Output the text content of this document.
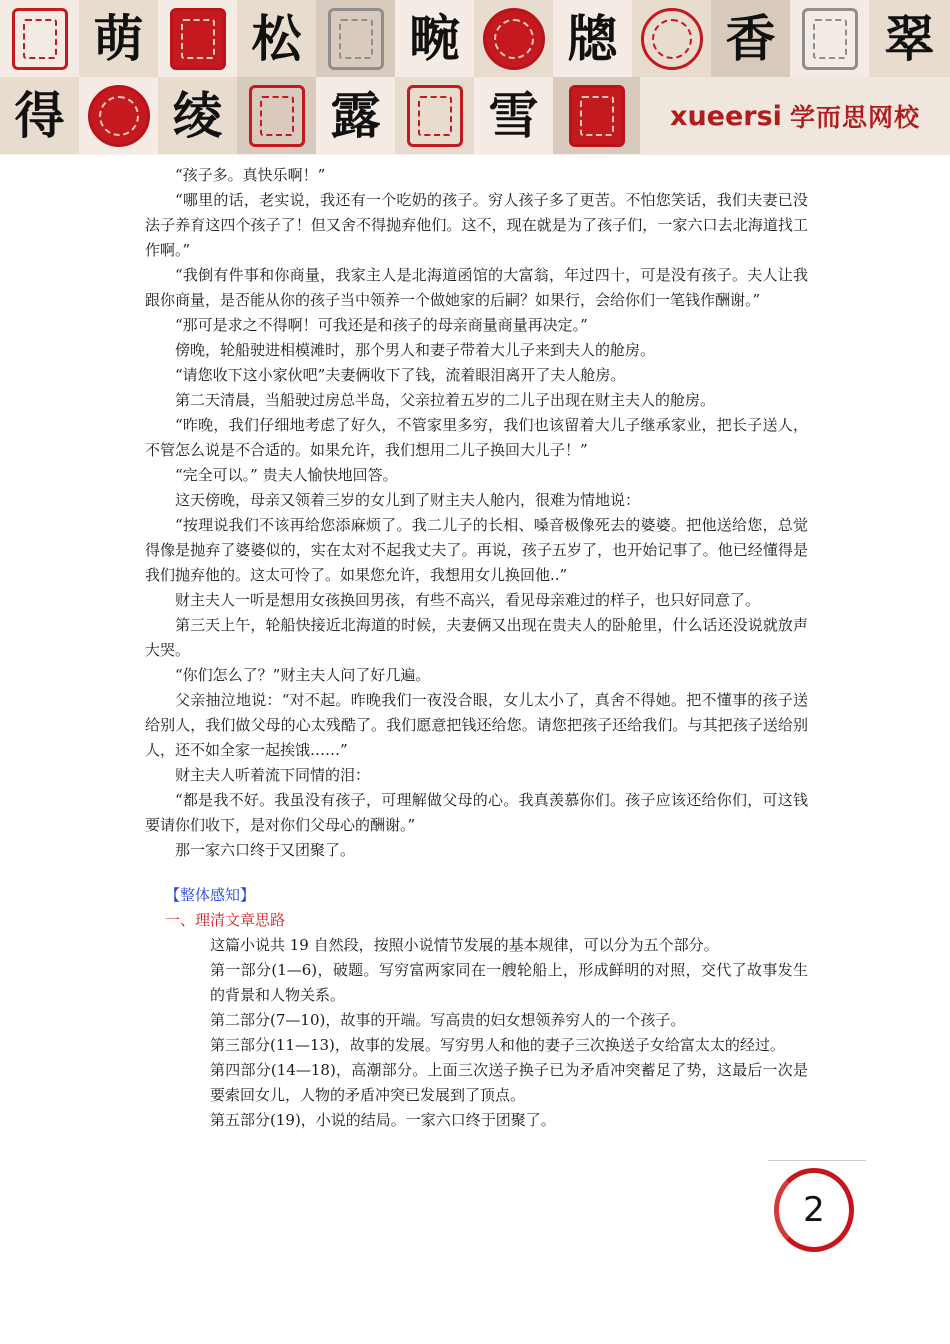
萌 松 畹 牕 香 翠
得 绫 露 雪	xueersi 学而思网校

“孩子多。真快乐啊！”

“哪里的话，老实说，我还有一个吃奶的孩子。穷人孩子多了更苦。不怕您笑话，我们夫妻已没法子养育这四个孩子了！但又舍不得抛弃他们。这不，现在就是为了孩子们，一家六口去北海道找工作啊。”

“我倒有件事和你商量，我家主人是北海道函馆的大富翁，年过四十，可是没有孩子。夫人让我跟你商量，是否能从你的孩子当中领养一个做她家的后嗣？如果行，会给你们一笔钱作酬谢。”

“那可是求之不得啊！可我还是和孩子的母亲商量商量再决定。”

傍晚，轮船驶进相模滩时，那个男人和妻子带着大儿子来到夫人的舱房。

“请您收下这小家伙吧”夫妻俩收下了钱，流着眼泪离开了夫人舱房。

第二天清晨，当船驶过房总半岛，父亲拉着五岁的二儿子出现在财主夫人的舱房。

“昨晚，我们仔细地考虑了好久，不管家里多穷，我们也该留着大儿子继承家业，把长子送人，不管怎么说是不合适的。如果允许，我们想用二儿子换回大儿子！”

“完全可以。” 贵夫人愉快地回答。

这天傍晚，母亲又领着三岁的女儿到了财主夫人舱内，很难为情地说：

“按理说我们不该再给您添麻烦了。我二儿子的长相、嗓音极像死去的婆婆。把他送给您，总觉得像是抛弃了婆婆似的，实在太对不起我丈夫了。再说，孩子五岁了，也开始记事了。他已经懂得是我们抛弃他的。这太可怜了。如果您允许，我想用女儿换回他..”

财主夫人一听是想用女孩换回男孩，有些不高兴，看见母亲难过的样子，也只好同意了。

第三天上午，轮船快接近北海道的时候，夫妻俩又出现在贵夫人的卧舱里，什么话还没说就放声大哭。

“你们怎么了？”财主夫人问了好几遍。

父亲抽泣地说：“对不起。昨晚我们一夜没合眼，女儿太小了，真舍不得她。把不懂事的孩子送给别人，我们做父母的心太残酷了。我们愿意把钱还给您。请您把孩子还给我们。与其把孩子送给别人，还不如全家一起挨饿……”

财主夫人听着流下同情的泪：

“都是我不好。我虽没有孩子，可理解做父母的心。我真羡慕你们。孩子应该还给你们，可这钱要请你们收下，是对你们父母心的酬谢。”

那一家六口终于又团聚了。

【整体感知】

一、理清文章思路

这篇小说共 19 自然段，按照小说情节发展的基本规律，可以分为五个部分。

第一部分(1—6)，破题。写穷富两家同在一艘轮船上，形成鲜明的对照，交代了故事发生的背景和人物关系。

第二部分(7—10)，故事的开端。写高贵的妇女想领养穷人的一个孩子。

第三部分(11—13)，故事的发展。写穷男人和他的妻子三次换送子女给富太太的经过。

第四部分(14—18)，高潮部分。上面三次送子换子已为矛盾冲突蓄足了势，这最后一次是要索回女儿，人物的矛盾冲突已发展到了顶点。

第五部分(19)，小说的结局。一家六口终于团聚了。

2
